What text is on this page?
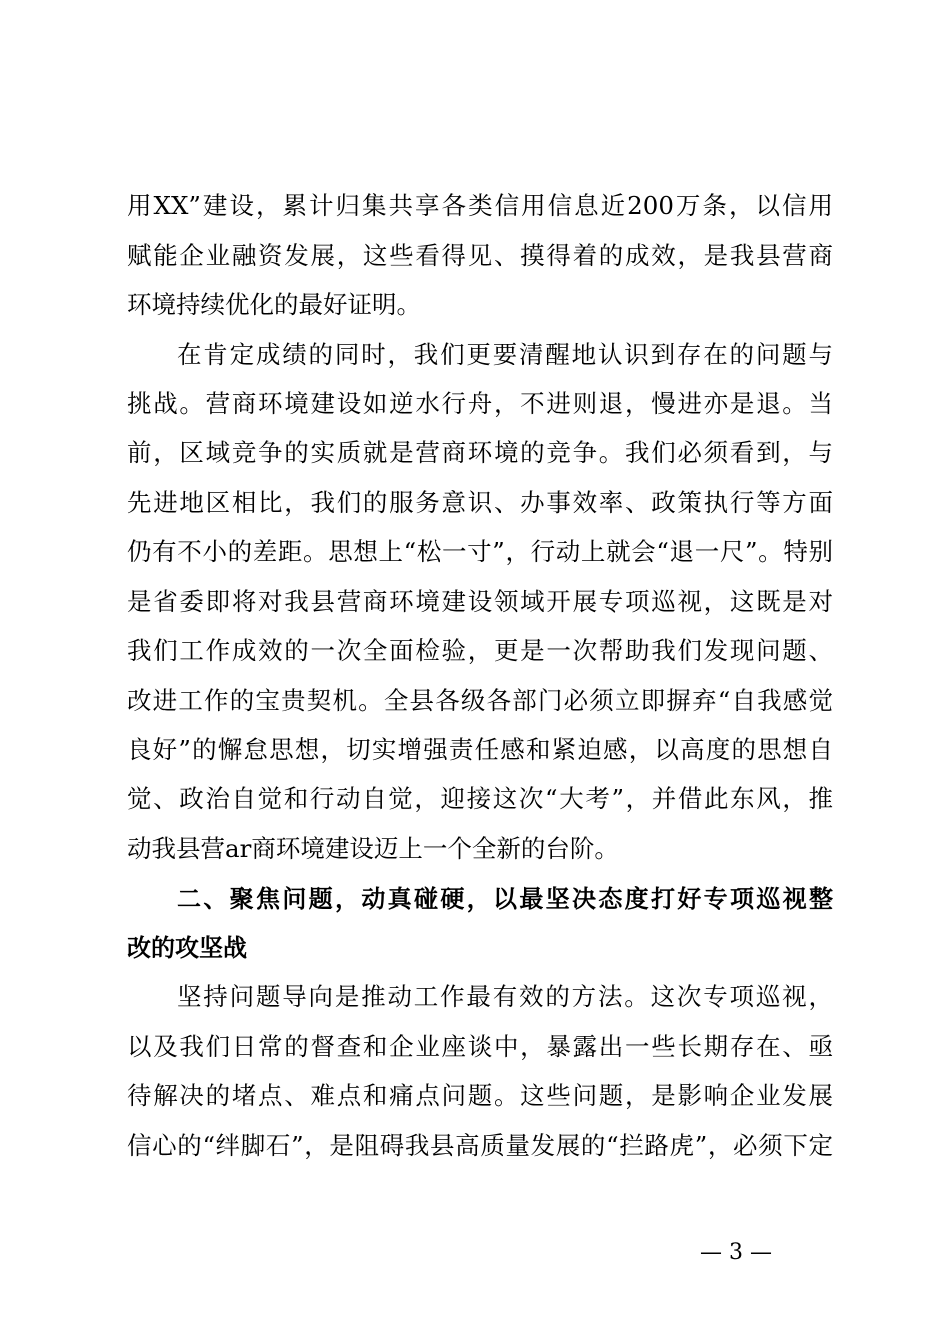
用XX”建设，累计归集共享各类信用信息近200万条，以信用
赋能企业融资发展，这些看得见、摸得着的成效，是我县营商
环境持续优化的最好证明。
在肯定成绩的同时，我们更要清醒地认识到存在的问题与
挑战。营商环境建设如逆水行舟，不进则退，慢进亦是退。当
前，区域竞争的实质就是营商环境的竞争。我们必须看到，与
先进地区相比，我们的服务意识、办事效率、政策执行等方面
仍有不小的差距。思想上“松一寸”，行动上就会“退一尺”。特别
是省委即将对我县营商环境建设领域开展专项巡视，这既是对
我们工作成效的一次全面检验，更是一次帮助我们发现问题、
改进工作的宝贵契机。全县各级各部门必须立即摒弃“自我感觉
良好”的懈怠思想，切实增强责任感和紧迫感，以高度的思想自
觉、政治自觉和行动自觉，迎接这次“大考”，并借此东风，推
动我县营ar商环境建设迈上一个全新的台阶。
二、聚焦问题，动真碰硬，以最坚决态度打好专项巡视整
改的攻坚战
坚持问题导向是推动工作最有效的方法。这次专项巡视，
以及我们日常的督查和企业座谈中，暴露出一些长期存在、亟
待解决的堵点、难点和痛点问题。这些问题，是影响企业发展
信心的“绊脚石”，是阻碍我县高质量发展的“拦路虎”，必须下定
— 3 —
